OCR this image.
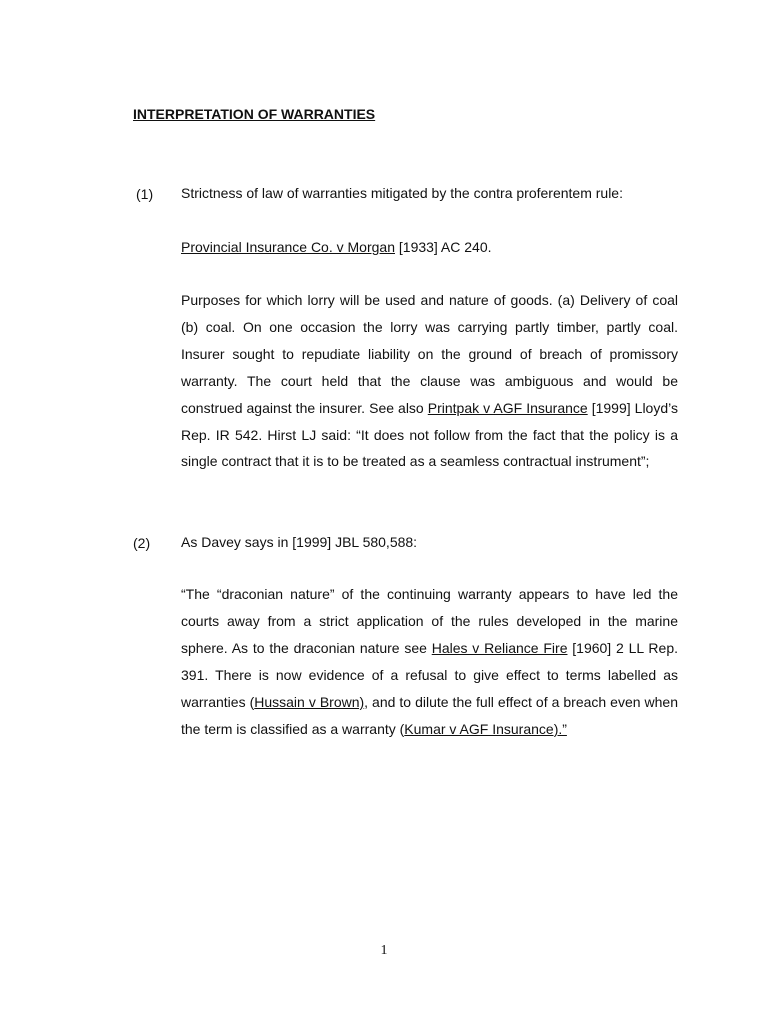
INTERPRETATION OF WARRANTIES
(1) Strictness of law of warranties mitigated by the contra proferentem rule:
Provincial Insurance Co. v Morgan [1933] AC 240.
Purposes for which lorry will be used and nature of goods. (a) Delivery of coal (b) coal. On one occasion the lorry was carrying partly timber, partly coal. Insurer sought to repudiate liability on the ground of breach of promissory warranty. The court held that the clause was ambiguous and would be construed against the insurer. See also Printpak v AGF Insurance [1999] Lloyd’s Rep. IR 542. Hirst LJ said: “It does not follow from the fact that the policy is a single contract that it is to be treated as a seamless contractual instrument”;
(2) As Davey says in [1999] JBL 580,588:
“The “draconian nature” of the continuing warranty appears to have led the courts away from a strict application of the rules developed in the marine sphere. As to the draconian nature see Hales v Reliance Fire [1960] 2 LL Rep. 391. There is now evidence of a refusal to give effect to terms labelled as warranties (Hussain v Brown), and to dilute the full effect of a breach even when the term is classified as a warranty (Kumar v AGF Insurance).”
1
